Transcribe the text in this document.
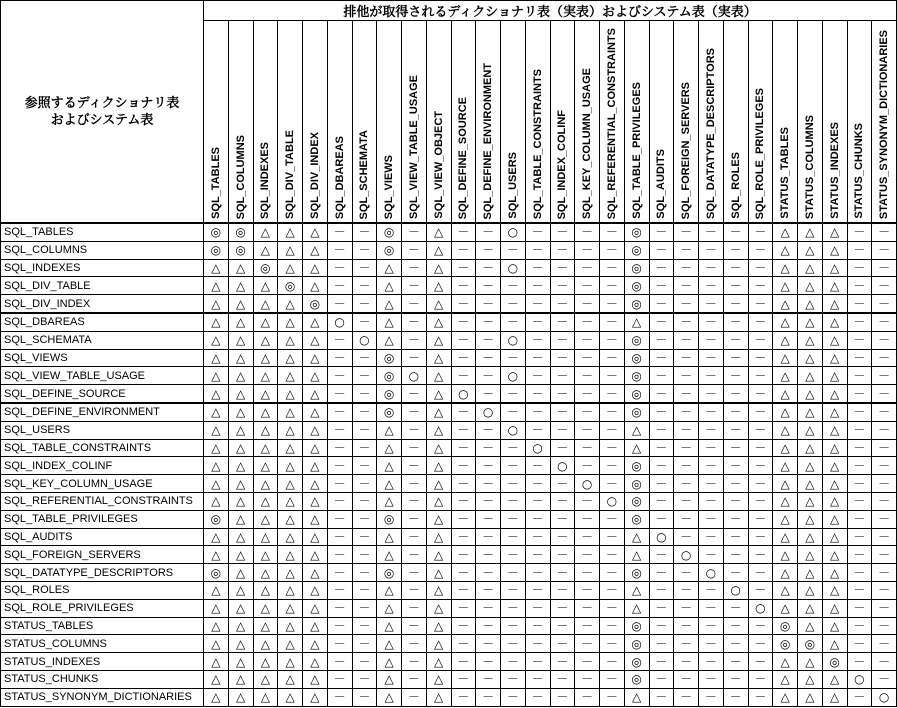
参照するディクショナリ表
およびシステム表	排他が取得されるディクショナリ表（実表）およびシステム表（実表）																											

	SQL_TABLES	SQL_COLUMNS	SQL_INDEXES	SQL_DIV_TABLE	SQL_DIV_INDEX	SQL_DBAREAS	SQL_SCHEMATA	SQL_VIEWS	SQL_VIEW_TABLE_USAGE	SQL_VIEW_OBJECT	SQL_DEFINE_SOURCE	SQL_DEFINE_ENVIRONMENT	SQL_USERS	SQL_TABLE_CONSTRAINTS	SQL_INDEX_COLINF	SQL_KEY_COLUMN_USAGE	SQL_REFERENTIAL_CONSTRAINTS	SQL_TABLE_PRIVILEGES	SQL_AUDITS	SQL_FOREIGN_SERVERS	SQL_DATATYPE_DESCRIPTORS	SQL_ROLES	SQL_ROLE_PRIVILEGES	STATUS_TABLES	STATUS_COLUMNS	STATUS_INDEXES	STATUS_CHUNKS	STATUS_SYNONYM_DICTIONARIES

SQL_TABLES	◎	◎	△	△	△	－	－	◎	－	△	－	－	○	－	－	－	－	◎	－	－	－	－	－	△	△	△	－	－
SQL_COLUMNS	◎	◎	△	△	△	－	－	◎	－	△	－	－	－	－	－	－	－	◎	－	－	－	－	－	△	△	△	－	－
SQL_INDEXES	△	△	◎	△	△	－	－	△	－	△	－	－	○	－	－	－	－	◎	－	－	－	－	－	△	△	△	－	－
SQL_DIV_TABLE	△	△	△	◎	△	－	－	△	－	△	－	－	－	－	－	－	－	◎	－	－	－	－	－	△	△	△	－	－
SQL_DIV_INDEX	△	△	△	△	◎	－	－	△	－	△	－	－	－	－	－	－	－	◎	－	－	－	－	－	△	△	△	－	－
SQL_DBAREAS	△	△	△	△	△	○	－	△	－	△	－	－	－	－	－	－	－	△	－	－	－	－	－	△	△	△	－	－
SQL_SCHEMATA	△	△	△	△	△	－	○	△	－	△	－	－	○	－	－	－	－	◎	－	－	－	－	－	△	△	△	－	－
SQL_VIEWS	△	△	△	△	△	－	－	◎	－	△	－	－	－	－	－	－	－	◎	－	－	－	－	－	△	△	△	－	－
SQL_VIEW_TABLE_USAGE	△	△	△	△	△	－	－	◎	○	△	－	－	○	－	－	－	－	◎	－	－	－	－	－	△	△	△	－	－
SQL_DEFINE_SOURCE	△	△	△	△	△	－	－	◎	－	△	○	－	－	－	－	－	－	◎	－	－	－	－	－	△	△	△	－	－
SQL_DEFINE_ENVIRONMENT	△	△	△	△	△	－	－	◎	－	△	－	○	－	－	－	－	－	◎	－	－	－	－	－	△	△	△	－	－
SQL_USERS	△	△	△	△	△	－	－	△	－	△	－	－	○	－	－	－	－	△	－	－	－	－	－	△	△	△	－	－
SQL_TABLE_CONSTRAINTS	△	△	△	△	△	－	－	△	－	△	－	－	－	○	－	－	－	△	－	－	－	－	－	△	△	△	－	－
SQL_INDEX_COLINF	△	△	△	△	△	－	－	△	－	△	－	－	－	－	○	－	－	◎	－	－	－	－	－	△	△	△	－	－
SQL_KEY_COLUMN_USAGE	△	△	△	△	△	－	－	△	－	△	－	－	－	－	－	○	－	◎	－	－	－	－	－	△	△	△	－	－
SQL_REFERENTIAL_CONSTRAINTS	△	△	△	△	△	－	－	△	－	△	－	－	－	－	－	－	○	◎	－	－	－	－	－	△	△	△	－	－
SQL_TABLE_PRIVILEGES	◎	△	△	△	△	－	－	◎	－	△	－	－	－	－	－	－	－	◎	－	－	－	－	－	△	△	△	－	－
SQL_AUDITS	△	△	△	△	△	－	－	△	－	△	－	－	－	－	－	－	－	△	○	－	－	－	－	△	△	△	－	－
SQL_FOREIGN_SERVERS	△	△	△	△	△	－	－	△	－	△	－	－	－	－	－	－	－	△	－	○	－	－	－	△	△	△	－	－
SQL_DATATYPE_DESCRIPTORS	◎	△	△	△	△	－	－	◎	－	△	－	－	－	－	－	－	－	◎	－	－	○	－	－	△	△	△	－	－
SQL_ROLES	△	△	△	△	△	－	－	△	－	△	－	－	－	－	－	－	－	△	－	－	－	○	－	△	△	△	－	－
SQL_ROLE_PRIVILEGES	△	△	△	△	△	－	－	△	－	△	－	－	－	－	－	－	－	△	－	－	－	－	○	△	△	△	－	－
STATUS_TABLES	△	△	△	△	△	－	－	△	－	△	－	－	－	－	－	－	－	◎	－	－	－	－	－	◎	△	△	－	－
STATUS_COLUMNS	△	△	△	△	△	－	－	△	－	△	－	－	－	－	－	－	－	◎	－	－	－	－	－	◎	◎	△	－	－
STATUS_INDEXES	△	△	△	△	△	－	－	△	－	△	－	－	－	－	－	－	－	◎	－	－	－	－	－	△	△	◎	－	－
STATUS_CHUNKS	△	△	△	△	△	－	－	△	－	△	－	－	－	－	－	－	－	◎	－	－	－	－	－	△	△	△	○	－
STATUS_SYNONYM_DICTIONARIES	△	△	△	△	△	－	－	△	－	△	－	－	－	－	－	－	－	△	－	－	－	－	－	△	△	△	－	○
